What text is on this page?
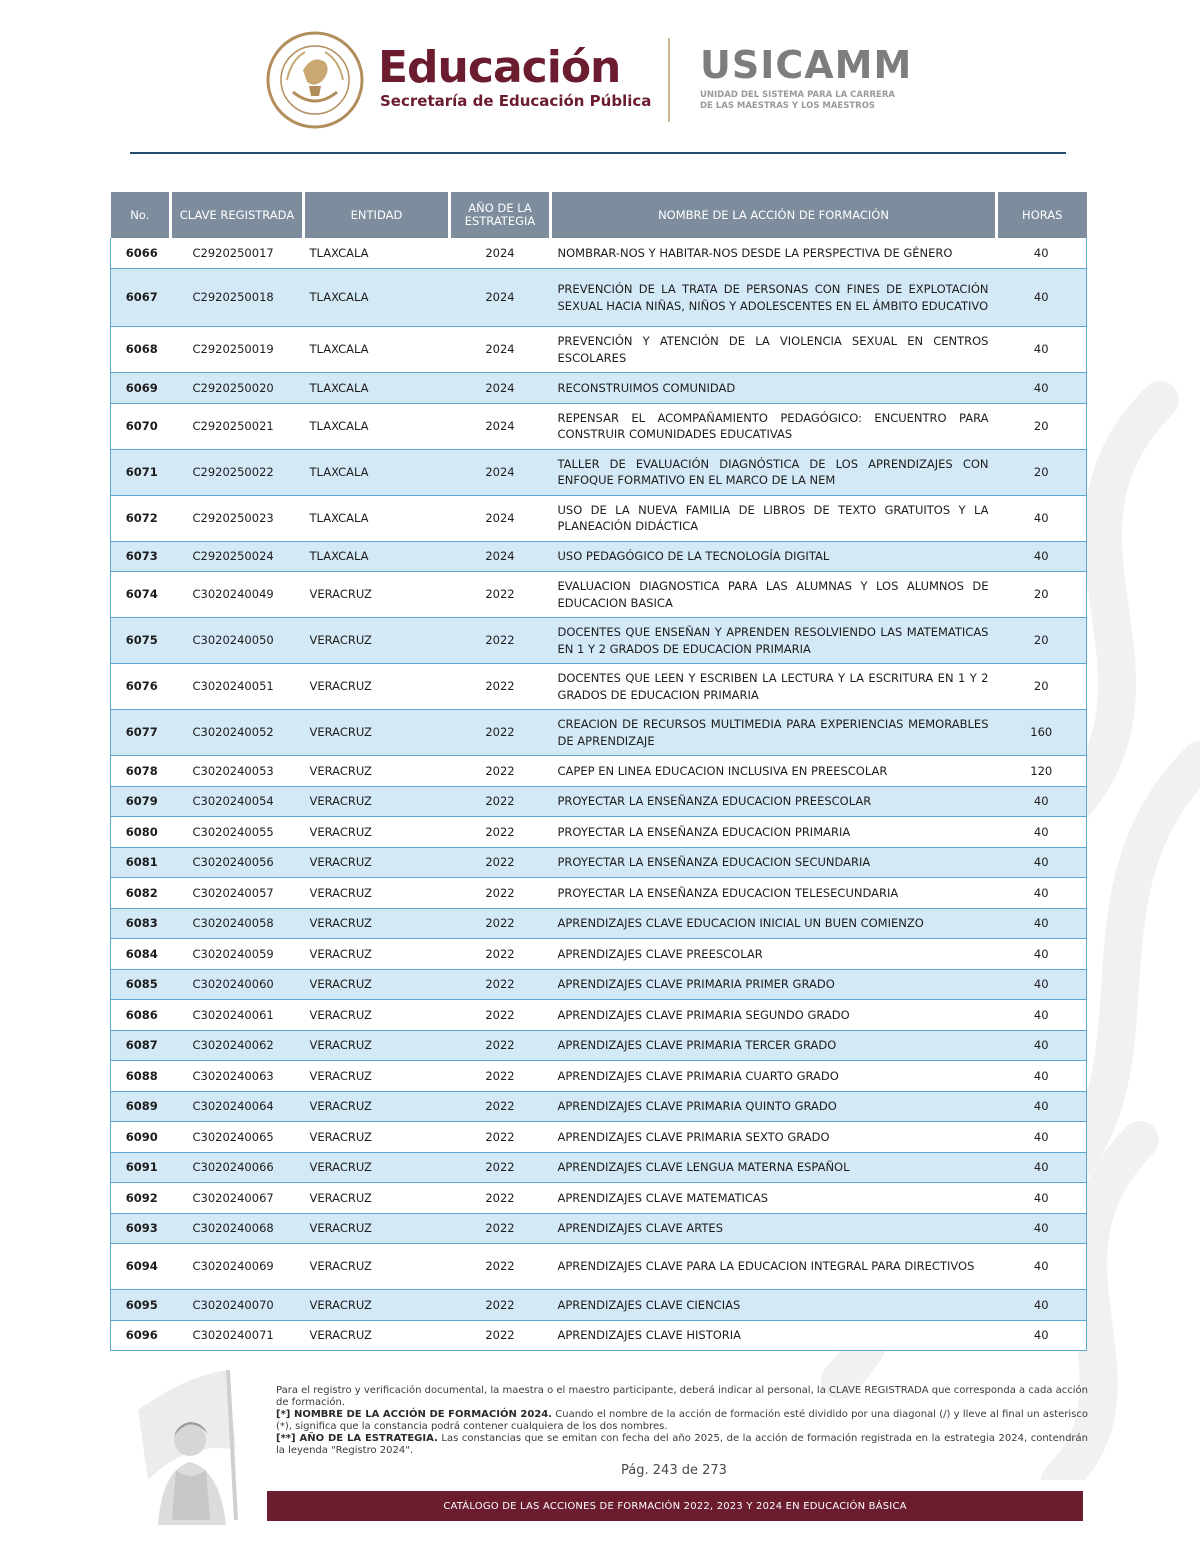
Educación
Secretaría de Educación Pública
USICAMM
UNIDAD DEL SISTEMA PARA LA CARRERA
DE LAS MAESTRAS Y LOS MAESTROS
No.	CLAVE REGISTRADA	ENTIDAD	AÑO DE LA ESTRATEGIA	NOMBRE DE LA ACCIÓN DE FORMACIÓN	HORAS
6066	C2920250017	TLAXCALA	2024	NOMBRAR-NOS Y HABITAR-NOS DESDE LA PERSPECTIVA DE GÉNERO	40
6067	C2920250018	TLAXCALA	2024	PREVENCIÓN DE LA TRATA DE PERSONAS CON FINES DE EXPLOTACIÓN SEXUAL HACIA NIÑAS, NIÑOS Y ADOLESCENTES EN EL ÁMBITO EDUCATIVO	40
6068	C2920250019	TLAXCALA	2024	PREVENCIÓN Y ATENCIÓN DE LA VIOLENCIA SEXUAL EN CENTROS ESCOLARES	40
6069	C2920250020	TLAXCALA	2024	RECONSTRUIMOS COMUNIDAD	40
6070	C2920250021	TLAXCALA	2024	REPENSAR EL ACOMPAÑAMIENTO PEDAGÓGICO: ENCUENTRO PARA CONSTRUIR COMUNIDADES EDUCATIVAS	20
6071	C2920250022	TLAXCALA	2024	TALLER DE EVALUACIÓN DIAGNÓSTICA DE LOS APRENDIZAJES CON ENFOQUE FORMATIVO EN EL MARCO DE LA NEM	20
6072	C2920250023	TLAXCALA	2024	USO DE LA NUEVA FAMILIA DE LIBROS DE TEXTO GRATUITOS Y LA PLANEACIÓN DIDÁCTICA	40
6073	C2920250024	TLAXCALA	2024	USO PEDAGÓGICO DE LA TECNOLOGÍA DIGITAL	40
6074	C3020240049	VERACRUZ	2022	EVALUACION DIAGNOSTICA PARA LAS ALUMNAS Y LOS ALUMNOS DE EDUCACION BASICA	20
6075	C3020240050	VERACRUZ	2022	DOCENTES QUE ENSEÑAN Y APRENDEN RESOLVIENDO LAS MATEMATICAS EN 1 Y 2 GRADOS DE EDUCACION PRIMARIA	20
6076	C3020240051	VERACRUZ	2022	DOCENTES QUE LEEN Y ESCRIBEN LA LECTURA Y LA ESCRITURA EN 1 Y 2 GRADOS DE EDUCACION PRIMARIA	20
6077	C3020240052	VERACRUZ	2022	CREACION DE RECURSOS MULTIMEDIA PARA EXPERIENCIAS MEMORABLES DE APRENDIZAJE	160
6078	C3020240053	VERACRUZ	2022	CAPEP EN LINEA EDUCACION INCLUSIVA EN PREESCOLAR	120
6079	C3020240054	VERACRUZ	2022	PROYECTAR LA ENSEÑANZA EDUCACION PREESCOLAR	40
6080	C3020240055	VERACRUZ	2022	PROYECTAR LA ENSEÑANZA EDUCACION PRIMARIA	40
6081	C3020240056	VERACRUZ	2022	PROYECTAR LA ENSEÑANZA EDUCACION SECUNDARIA	40
6082	C3020240057	VERACRUZ	2022	PROYECTAR LA ENSEÑANZA EDUCACION TELESECUNDARIA	40
6083	C3020240058	VERACRUZ	2022	APRENDIZAJES CLAVE EDUCACION INICIAL UN BUEN COMIENZO	40
6084	C3020240059	VERACRUZ	2022	APRENDIZAJES CLAVE PREESCOLAR	40
6085	C3020240060	VERACRUZ	2022	APRENDIZAJES CLAVE PRIMARIA PRIMER GRADO	40
6086	C3020240061	VERACRUZ	2022	APRENDIZAJES CLAVE PRIMARIA SEGUNDO GRADO	40
6087	C3020240062	VERACRUZ	2022	APRENDIZAJES CLAVE PRIMARIA TERCER GRADO	40
6088	C3020240063	VERACRUZ	2022	APRENDIZAJES CLAVE PRIMARIA CUARTO GRADO	40
6089	C3020240064	VERACRUZ	2022	APRENDIZAJES CLAVE PRIMARIA QUINTO GRADO	40
6090	C3020240065	VERACRUZ	2022	APRENDIZAJES CLAVE PRIMARIA SEXTO GRADO	40
6091	C3020240066	VERACRUZ	2022	APRENDIZAJES CLAVE LENGUA MATERNA ESPAÑOL	40
6092	C3020240067	VERACRUZ	2022	APRENDIZAJES CLAVE MATEMATICAS	40
6093	C3020240068	VERACRUZ	2022	APRENDIZAJES CLAVE ARTES	40
6094	C3020240069	VERACRUZ	2022	APRENDIZAJES CLAVE PARA LA EDUCACION INTEGRAL PARA DIRECTIVOS	40
6095	C3020240070	VERACRUZ	2022	APRENDIZAJES CLAVE CIENCIAS	40
6096	C3020240071	VERACRUZ	2022	APRENDIZAJES CLAVE HISTORIA	40

Para el registro y verificación documental, la maestra o el maestro participante, deberá indicar al personal, la CLAVE REGISTRADA que corresponda a cada acción de formación.

[*] NOMBRE DE LA ACCIÓN DE FORMACIÓN 2024. Cuando el nombre de la acción de formación esté dividido por una diagonal (/) y lleve al final un asterisco (*), significa que la constancia podrá contener cualquiera de los dos nombres.

[**] AÑO DE LA ESTRATEGIA. Las constancias que se emitan con fecha del año 2025, de la acción de formación registrada en la estrategia 2024, contendrán la leyenda "Registro 2024".

Pág. 243 de 273
CATÁLOGO DE LAS ACCIONES DE FORMACIÓN 2022, 2023 Y 2024 EN EDUCACIÓN BÁSICA
